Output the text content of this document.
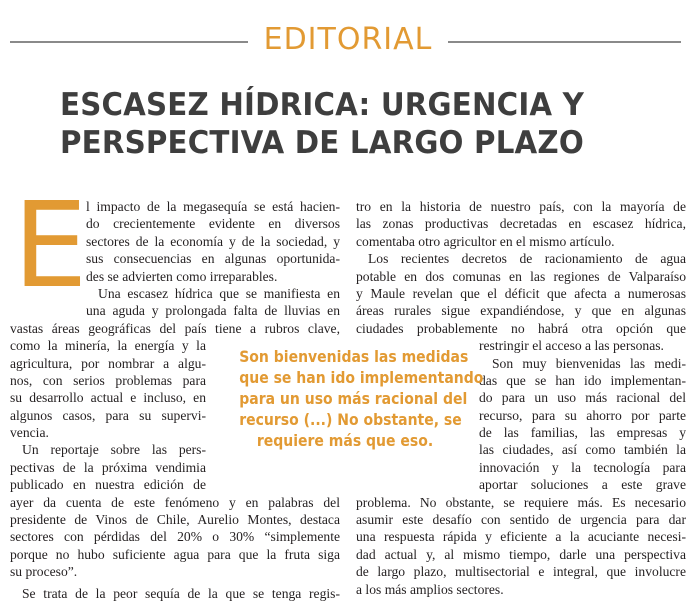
EDITORIAL
ESCASEZ HÍDRICA: URGENCIA Y
PERSPECTIVA DE LARGO PLAZO
E
l impacto de la megasequía se está hacien-
do crecientemente evidente en diversos
sectores de la economía y de la sociedad, y
sus consecuencias en algunas oportunida-
des se advierten como irreparables.
Una escasez hídrica que se manifiesta en
una aguda y prolongada falta de lluvias en
vastas áreas geográficas del país tiene a rubros clave,
como la minería, la energía y la
agricultura, por nombrar a algu-
nos, con serios problemas para
su desarrollo actual e incluso, en
algunos casos, para su supervi-
vencia.
Un reportaje sobre las pers-
pectivas de la próxima vendimia
publicado en nuestra edición de
ayer da cuenta de este fenómeno y en palabras del
presidente de Vinos de Chile, Aurelio Montes, destaca
sectores con pérdidas del 20% o 30% “simplemente
porque no hubo suficiente agua para que la fruta siga
su proceso”.
Se trata de la peor sequía de la que se tenga regis-
tro en la historia de nuestro país, con la mayoría de
las zonas productivas decretadas en escasez hídrica,
comentaba otro agricultor en el mismo artículo.
Los recientes decretos de racionamiento de agua
potable en dos comunas en las regiones de Valparaíso
y Maule revelan que el déficit que afecta a numerosas
áreas rurales sigue expandiéndose, y que en algunas
ciudades probablemente no habrá otra opción que
restringir el acceso a las personas.
Son muy bienvenidas las medi-
das que se han ido implementan-
do para un uso más racional del
recurso, para su ahorro por parte
de las familias, las empresas y
las ciudades, así como también la
innovación y la tecnología para
aportar soluciones a este grave
problema. No obstante, se requiere más. Es necesario
asumir este desafío con sentido de urgencia para dar
una respuesta rápida y eficiente a la acuciante necesi-
dad actual y, al mismo tiempo, darle una perspectiva
de largo plazo, multisectorial e integral, que involucre
a los más amplios sectores.
Son bienvenidas las medidas
que se han ido implementando
para un uso más racional del
recurso (...) No obstante, se
requiere más que eso.
